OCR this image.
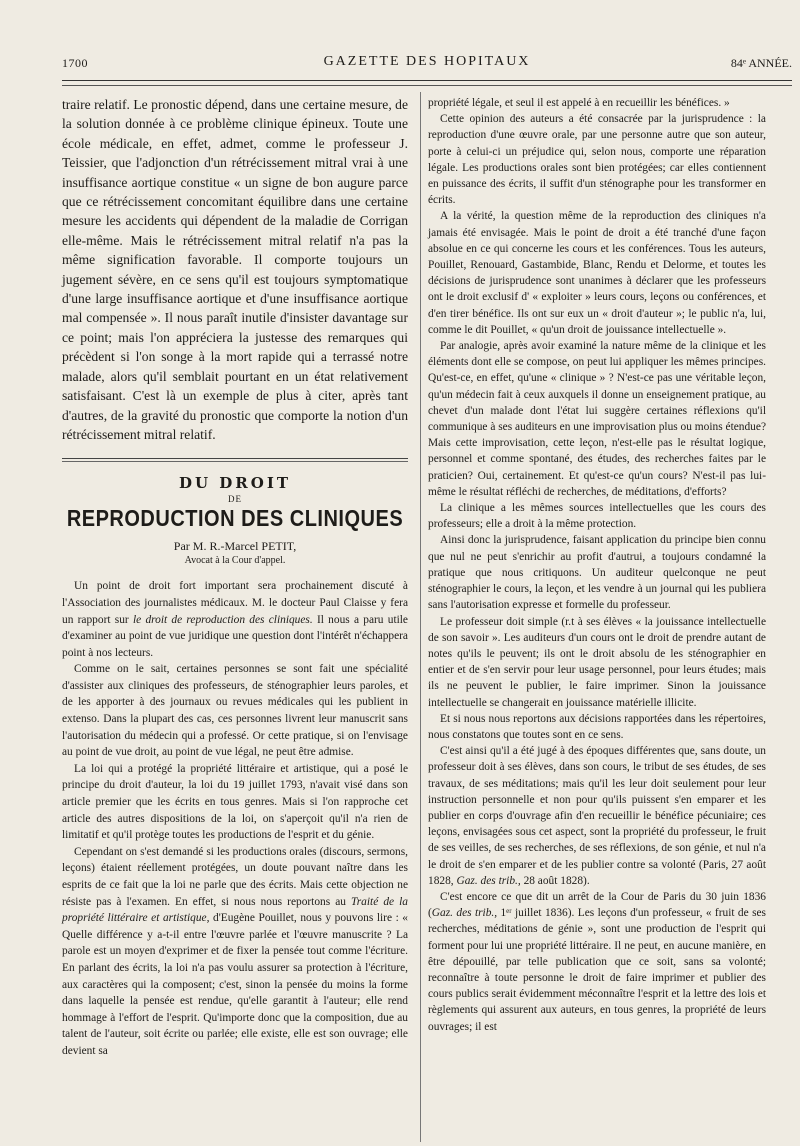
1700	GAZETTE DES HOPITAUX	84ᵉ ANNÉE.

traire relatif. Le pronostic dépend, dans une certaine mesure, de la solution donnée à ce problème clinique épineux. Toute une école médicale, en effet, admet, comme le professeur J. Teissier, que l'adjonction d'un rétrécissement mitral vrai à une insuffisance aortique constitue « un signe de bon augure parce que ce rétrécissement concomitant équilibre dans une certaine mesure les accidents qui dépendent de la maladie de Corrigan elle-même. Mais le rétrécissement mitral relatif n'a pas la même signification favorable. Il comporte toujours un jugement sévère, en ce sens qu'il est toujours symptomatique d'une large insuffisance aortique et d'une insuffisance aortique mal compensée ». Il nous paraît inutile d'insister davantage sur ce point; mais l'on appréciera la justesse des remarques qui précèdent si l'on songe à la mort rapide qui a terrassé notre malade, alors qu'il semblait pourtant en un état relativement satisfaisant. C'est là un exemple de plus à citer, après tant d'autres, de la gravité du pronostic que comporte la notion d'un rétrécissement mitral relatif.

DU DROIT
DE
REPRODUCTION DES CLINIQUES
Par M. R.-Marcel PETIT,
Avocat à la Cour d'appel.

Un point de droit fort important sera prochainement discuté à l'Association des journalistes médicaux. M. le docteur Paul Claisse y fera un rapport sur le droit de reproduction des cliniques. Il nous a paru utile d'examiner au point de vue juridique une question dont l'intérêt n'échappera point à nos lecteurs.

Comme on le sait, certaines personnes se sont fait une spécialité d'assister aux cliniques des professeurs, de sténographier leurs paroles, et de les apporter à des journaux ou revues médicales qui les publient in extenso. Dans la plupart des cas, ces personnes livrent leur manuscrit sans l'autorisation du médecin qui a professé. Or cette pratique, si on l'envisage au point de vue droit, au point de vue légal, ne peut être admise.

La loi qui a protégé la propriété littéraire et artistique, qui a posé le principe du droit d'auteur, la loi du 19 juillet 1793, n'avait visé dans son article premier que les écrits en tous genres. Mais si l'on rapproche cet article des autres dispositions de la loi, on s'aperçoit qu'il n'a rien de limitatif et qu'il protège toutes les productions de l'esprit et du génie.

Cependant on s'est demandé si les productions orales (discours, sermons, leçons) étaient réellement protégées, un doute pouvant naître dans les esprits de ce fait que la loi ne parle que des écrits. Mais cette objection ne résiste pas à l'examen. En effet, si nous nous reportons au Traité de la propriété littéraire et artistique, d'Eugène Pouillet, nous y pouvons lire : « Quelle différence y a-t-il entre l'œuvre parlée et l'œuvre manuscrite ? La parole est un moyen d'exprimer et de fixer la pensée tout comme l'écriture. En parlant des écrits, la loi n'a pas voulu assurer sa protection à l'écriture, aux caractères qui la composent; c'est, sinon la pensée du moins la forme dans laquelle la pensée est rendue, qu'elle garantit à l'auteur; elle rend hommage à l'effort de l'esprit. Qu'importe donc que la composition, due au talent de l'auteur, soit écrite ou parlée; elle existe, elle est son ouvrage; elle devient sa

propriété légale, et seul il est appelé à en recueillir les bénéfices. »

Cette opinion des auteurs a été consacrée par la jurisprudence : la reproduction d'une œuvre orale, par une personne autre que son auteur, porte à celui-ci un préjudice qui, selon nous, comporte une réparation légale. Les productions orales sont bien protégées; car elles contiennent en puissance des écrits, il suffit d'un sténographe pour les transformer en écrits.

A la vérité, la question même de la reproduction des cliniques n'a jamais été envisagée. Mais le point de droit a été tranché d'une façon absolue en ce qui concerne les cours et les conférences. Tous les auteurs, Pouillet, Renouard, Gastambide, Blanc, Rendu et Delorme, et toutes les décisions de jurisprudence sont unanimes à déclarer que les professeurs ont le droit exclusif d' « exploiter » leurs cours, leçons ou conférences, et d'en tirer bénéfice. Ils ont sur eux un « droit d'auteur »; le public n'a, lui, comme le dit Pouillet, « qu'un droit de jouissance intellectuelle ».

Par analogie, après avoir examiné la nature même de la clinique et les éléments dont elle se compose, on peut lui appliquer les mêmes principes. Qu'est-ce, en effet, qu'une « clinique » ? N'est-ce pas une véritable leçon, qu'un médecin fait à ceux auxquels il donne un enseignement pratique, au chevet d'un malade dont l'état lui suggère certaines réflexions qu'il communique à ses auditeurs en une improvisation plus ou moins étendue? Mais cette improvisation, cette leçon, n'est-elle pas le résultat logique, personnel et comme spontané, des études, des recherches faites par le praticien? Oui, certainement. Et qu'est-ce qu'un cours? N'est-il pas lui-même le résultat réfléchi de recherches, de méditations, d'efforts?

La clinique a les mêmes sources intellectuelles que les cours des professeurs; elle a droit à la même protection.

Ainsi donc la jurisprudence, faisant application du principe bien connu que nul ne peut s'enrichir au profit d'autrui, a toujours condamné la pratique que nous critiquons. Un auditeur quelconque ne peut sténographier le cours, la leçon, et les vendre à un journal qui les publiera sans l'autorisation expresse et formelle du professeur.

Le professeur doit simple (r.t à ses élèves « la jouissance intellectuelle de son savoir ». Les auditeurs d'un cours ont le droit de prendre autant de notes qu'ils le peuvent; ils ont le droit absolu de les sténographier en entier et de s'en servir pour leur usage personnel, pour leurs études; mais ils ne peuvent le publier, le faire imprimer. Sinon la jouissance intellectuelle se changerait en jouissance matérielle illicite.

Et si nous nous reportons aux décisions rapportées dans les répertoires, nous constatons que toutes sont en ce sens.

C'est ainsi qu'il a été jugé à des époques différentes que, sans doute, un professeur doit à ses élèves, dans son cours, le tribut de ses études, de ses travaux, de ses méditations; mais qu'il les leur doit seulement pour leur instruction personnelle et non pour qu'ils puissent s'en emparer et les publier en corps d'ouvrage afin d'en recueillir le bénéfice pécuniaire; ces leçons, envisagées sous cet aspect, sont la propriété du professeur, le fruit de ses veilles, de ses recherches, de ses réflexions, de son génie, et nul n'a le droit de s'en emparer et de les publier contre sa volonté (Paris, 27 août 1828, Gaz. des trib., 28 août 1828).

C'est encore ce que dit un arrêt de la Cour de Paris du 30 juin 1836 (Gaz. des trib., 1ᵉʳ juillet 1836). Les leçons d'un professeur, « fruit de ses recherches, méditations de génie », sont une production de l'esprit qui forment pour lui une propriété littéraire. Il ne peut, en aucune manière, en être dépouillé, par telle publication que ce soit, sans sa volonté; reconnaître à toute personne le droit de faire imprimer et publier des cours publics serait évidemment méconnaître l'esprit et la lettre des lois et règlements qui assurent aux auteurs, en tous genres, la propriété de leurs ouvrages; il est
